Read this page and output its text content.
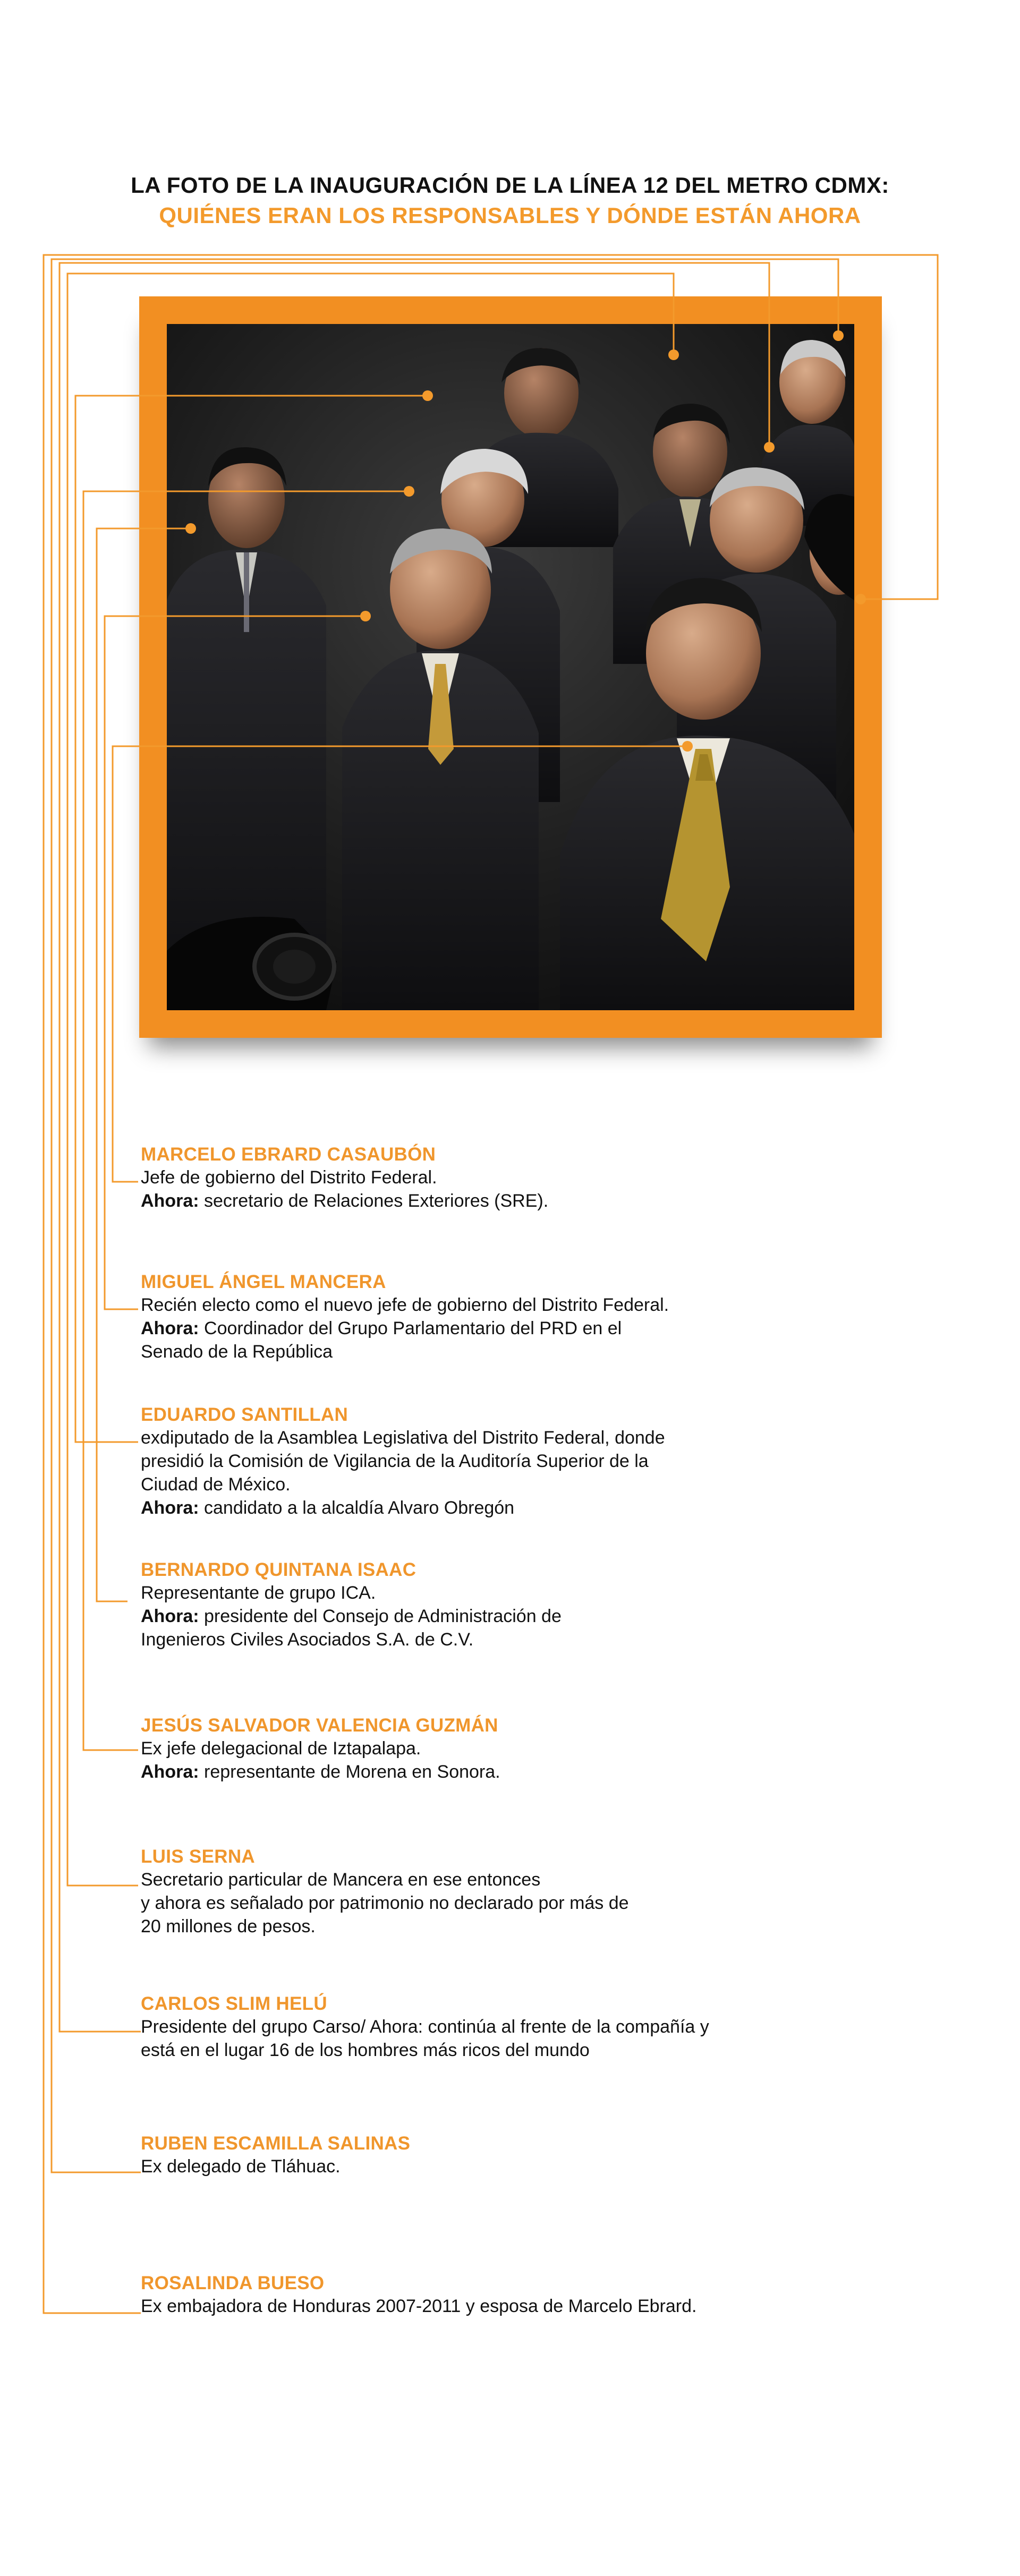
LA FOTO DE LA INAUGURACIÓN DE LA LÍNEA 12 DEL METRO CDMX:
QUIÉNES ERAN LOS RESPONSABLES Y DÓNDE ESTÁN AHORA
MARCELO EBRARD CASAUBÓN
Jefe de gobierno del Distrito Federal.
Ahora: secretario de Relaciones Exteriores (SRE).
MIGUEL ÁNGEL MANCERA
Recién electo como el nuevo jefe de gobierno del Distrito Federal.
Ahora: Coordinador del Grupo Parlamentario del PRD en el
Senado de la República
EDUARDO SANTILLAN
exdiputado de la Asamblea Legislativa del Distrito Federal, donde
presidió la Comisión de Vigilancia de la Auditoría Superior de la
Ciudad de México.
Ahora: candidato a la alcaldía Alvaro Obregón
BERNARDO QUINTANA ISAAC
Representante de grupo ICA.
Ahora: presidente del Consejo de Administración de
Ingenieros Civiles Asociados S.A. de C.V.
JESÚS SALVADOR VALENCIA GUZMÁN
Ex jefe delegacional de Iztapalapa.
Ahora: representante de Morena en Sonora.
LUIS SERNA
Secretario particular de Mancera en ese entonces
y ahora es señalado por patrimonio no declarado por más de
20 millones de pesos.
CARLOS SLIM HELÚ
Presidente del grupo Carso/ Ahora: continúa al frente de la compañía y
está en el lugar 16 de los hombres más ricos del mundo
RUBEN ESCAMILLA SALINAS
Ex delegado de Tláhuac.
ROSALINDA BUESO
Ex embajadora de Honduras 2007-2011 y esposa de Marcelo Ebrard.
